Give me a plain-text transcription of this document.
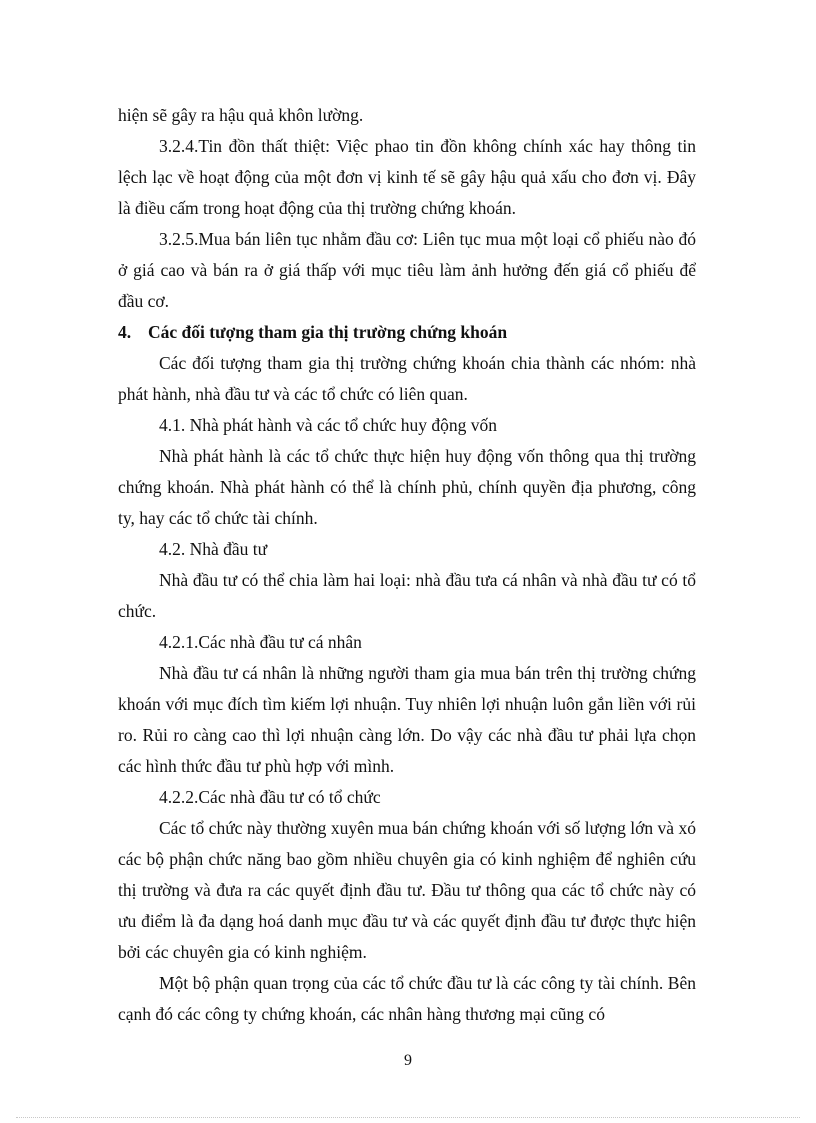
hiện sẽ gây ra hậu quả khôn lường.

3.2.4.Tin đồn thất thiệt: Việc phao tin đồn không chính xác hay thông tin lệch lạc về hoạt động của một đơn vị kinh tế sẽ gây hậu quả xấu cho đơn vị. Đây là điều cấm trong hoạt động của thị trường chứng khoán.

3.2.5.Mua bán liên tục nhằm đầu cơ: Liên tục mua một loại cổ phiếu nào đó ở giá cao và bán ra ở giá thấp với mục tiêu làm ảnh hưởng đến giá cổ phiếu để đầu cơ.

4. Các đối tượng tham gia thị trường chứng khoán

Các đối tượng tham gia thị trường chứng khoán chia thành các nhóm: nhà phát hành, nhà đầu tư và các tổ chức có liên quan.

4.1. Nhà phát hành và các tổ chức huy động vốn

Nhà phát hành là các tổ chức thực hiện huy động vốn thông qua thị trường chứng khoán. Nhà phát hành có thể là chính phủ, chính quyền địa phương, công ty, hay các tổ chức tài chính.

4.2. Nhà đầu tư

Nhà đầu tư có thể chia làm hai loại: nhà đầu tưa cá nhân và nhà đầu tư có tổ chức.

4.2.1.Các nhà đầu tư cá nhân

Nhà đầu tư cá nhân là những người tham gia mua bán trên thị trường chứng khoán với mục đích tìm kiếm lợi nhuận. Tuy nhiên lợi nhuận luôn gắn liền với rủi ro. Rủi ro càng cao thì lợi nhuận càng lớn. Do vậy các nhà đầu tư phải lựa chọn các hình thức đầu tư phù hợp với mình.

4.2.2.Các nhà đầu tư có tổ chức

Các tổ chức này thường xuyên mua bán chứng khoán với số lượng lớn và xó các bộ phận chức năng bao gồm nhiều chuyên gia có kinh nghiệm để nghiên cứu thị trường và đưa ra các quyết định đầu tư. Đầu tư thông qua các tổ chức này có ưu điểm là đa dạng hoá danh mục đầu tư và các quyết định đầu tư được thực hiện bởi các chuyên gia có kinh nghiệm.

Một bộ phận quan trọng của các tổ chức đầu tư là các công ty tài chính. Bên cạnh đó các công ty chứng khoán, các nhân hàng thương mại cũng có

9
